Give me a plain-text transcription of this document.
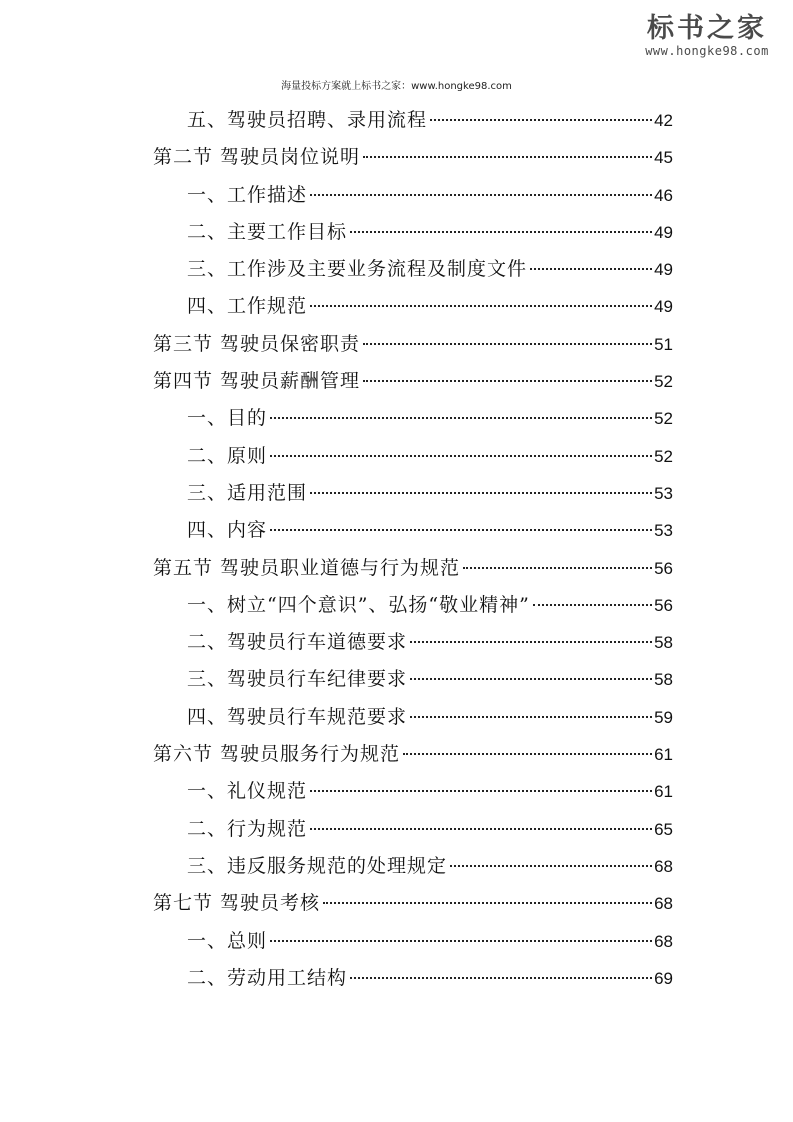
标书之家
www.hongke98.com
海量投标方案就上标书之家：www.hongke98.com
五、驾驶员招聘、录用流程	42
第二节 驾驶员岗位说明	45
一、工作描述	46
二、主要工作目标	49
三、工作涉及主要业务流程及制度文件	49
四、工作规范	49
第三节 驾驶员保密职责	51
第四节 驾驶员薪酬管理	52
一、目的	52
二、原则	52
三、适用范围	53
四、内容	53
第五节 驾驶员职业道德与行为规范	56
一、树立“四个意识”、弘扬“敬业精神”	56
二、驾驶员行车道德要求	58
三、驾驶员行车纪律要求	58
四、驾驶员行车规范要求	59
第六节 驾驶员服务行为规范	61
一、礼仪规范	61
二、行为规范	65
三、违反服务规范的处理规定	68
第七节 驾驶员考核	68
一、总则	68
二、劳动用工结构	69
